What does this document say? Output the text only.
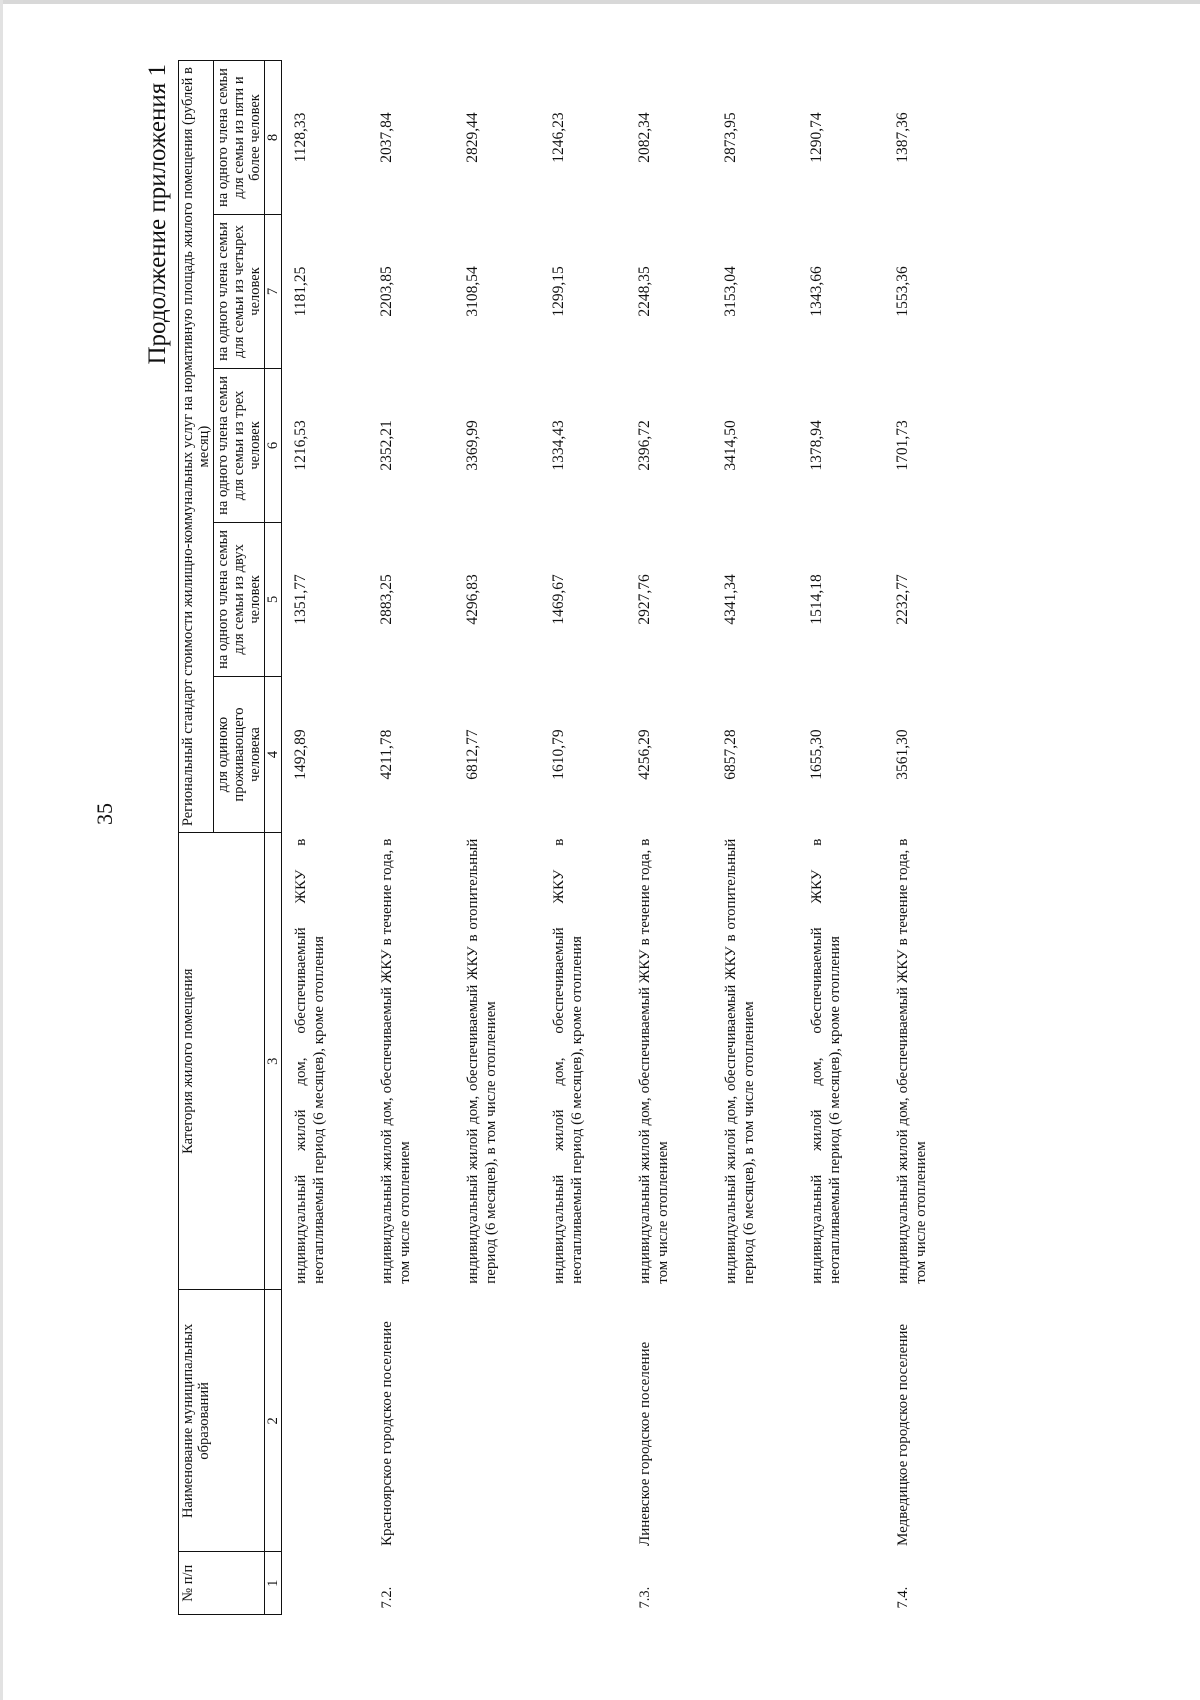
35
Продолжение приложения 1
№ п/п	Наименование муниципальных образований	Категория жилого помещения	Региональный стандарт стоимости жилищно-коммунальных услуг на нормативную площадь жилого помещения (рублей в месяц)				
			для одиноко проживающего человека	на одного члена семьи для семьи из двух человек	на одного члена семьи для семьи из трех человек	на одного члена семьи для семьи из четырех человек	на одного члена семьи для семьи из пяти и более человек
1	2	3	4	5	6	7	8
		индивидуальный жилой дом, обеспечиваемый ЖКУ в неотапливаемый период (6 месяцев), кроме отопления	1492,89	1351,77	1216,53	1181,25	1128,33
7.2.	Красноярское городское поселение	индивидуальный жилой дом, обеспечиваемый ЖКУ в течение года, в том числе отоплением	4211,78	2883,25	2352,21	2203,85	2037,84
		индивидуальный жилой дом, обеспечиваемый ЖКУ в отопительный период (6 месяцев), в том числе отоплением	6812,77	4296,83	3369,99	3108,54	2829,44
		индивидуальный жилой дом, обеспечиваемый ЖКУ в неотапливаемый период (6 месяцев), кроме отопления	1610,79	1469,67	1334,43	1299,15	1246,23
7.3.	Линевское городское поселение	индивидуальный жилой дом, обеспечиваемый ЖКУ в течение года, в том числе отоплением	4256,29	2927,76	2396,72	2248,35	2082,34
		индивидуальный жилой дом, обеспечиваемый ЖКУ в отопительный период (6 месяцев), в том числе отоплением	6857,28	4341,34	3414,50	3153,04	2873,95
		индивидуальный жилой дом, обеспечиваемый ЖКУ в неотапливаемый период (6 месяцев), кроме отопления	1655,30	1514,18	1378,94	1343,66	1290,74
7.4.	Медведицкое городское поселение	индивидуальный жилой дом, обеспечиваемый ЖКУ в течение года, в том числе отоплением	3561,30	2232,77	1701,73	1553,36	1387,36
